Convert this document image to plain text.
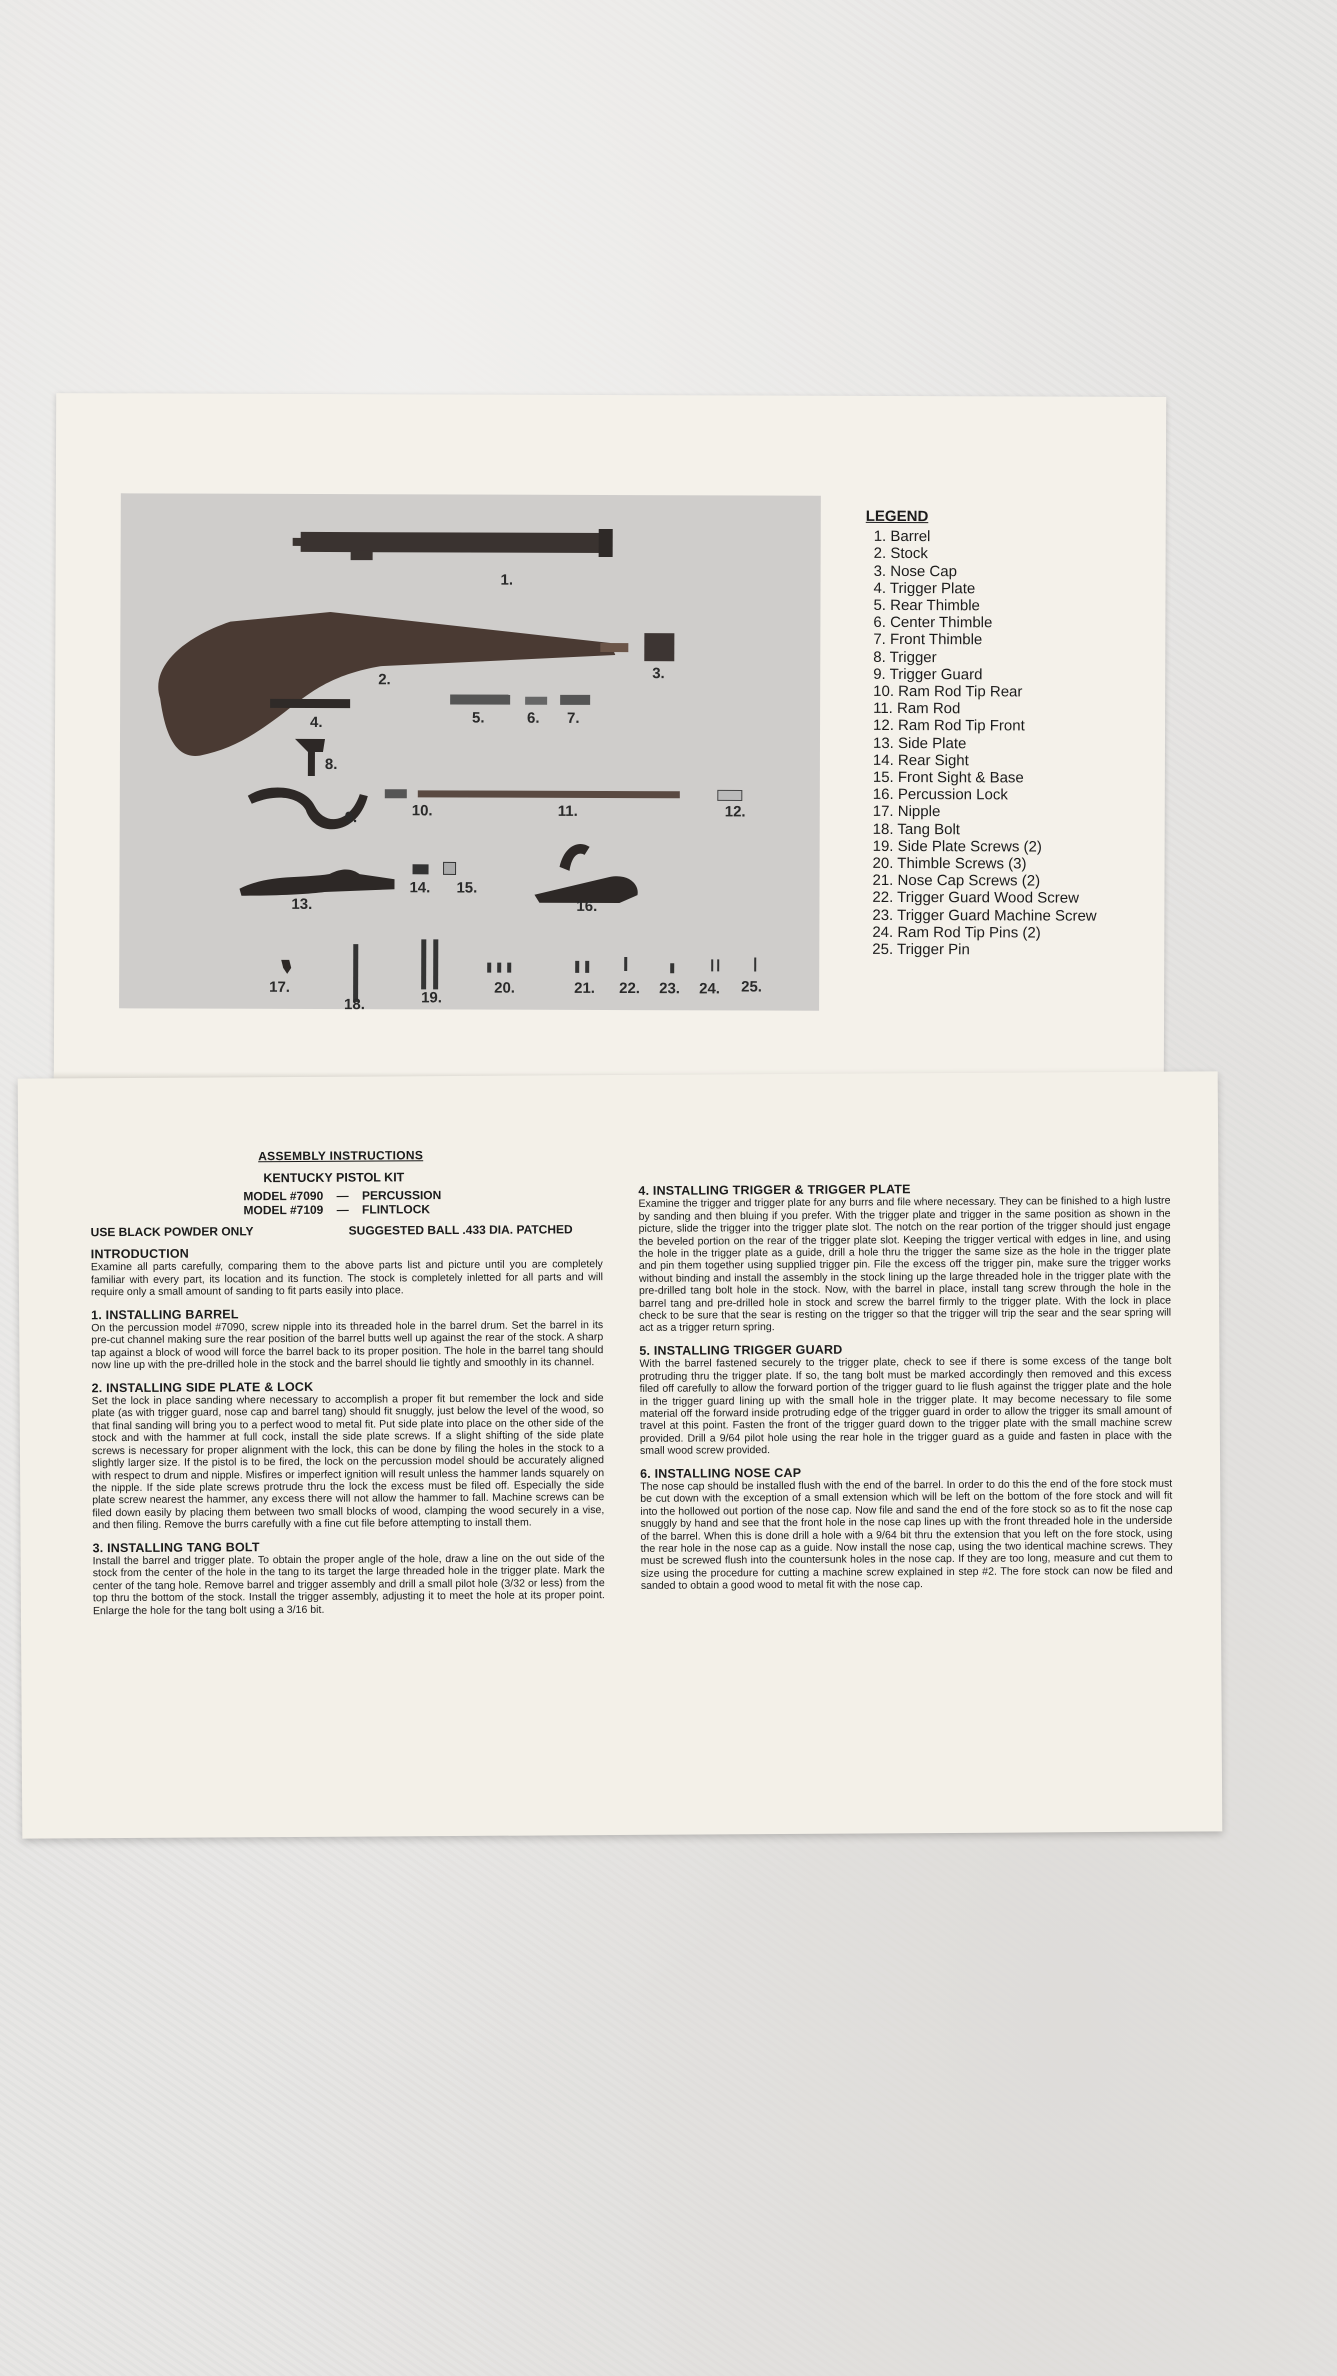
1.
2.	3.
4.	5.	6. 7.
8.
9.	10.	11.	12.
13.
14. 15.
16.
17.
18.	19.
20.	21. 22. 23. 24. 25.
LEGEND
1. Barrel
2. Stock
3. Nose Cap
4. Trigger Plate
5. Rear Thimble
6. Center Thimble
7. Front Thimble
8. Trigger
9. Trigger Guard
10. Ram Rod Tip Rear
11. Ram Rod
12. Ram Rod Tip Front
13. Side Plate
14. Rear Sight
15. Front Sight & Base
16. Percussion Lock
17. Nipple
18. Tang Bolt
19. Side Plate Screws (2)
20. Thimble Screws (3)
21. Nose Cap Screws (2)
22. Trigger Guard Wood Screw
23. Trigger Guard Machine Screw
24. Ram Rod Tip Pins (2)
25. Trigger Pin
ASSEMBLY INSTRUCTIONS
KENTUCKY PISTOL KIT
MODEL #7090 — PERCUSSION
MODEL #7109 — FLINTLOCK
USE BLACK POWDER ONLY	SUGGESTED BALL .433 DIA. PATCHED
INTRODUCTION

Examine all parts carefully, comparing them to the above parts list and picture until you are completely familiar with every part, its location and its function. The stock is completely inletted for all parts and will require only a small amount of sanding to fit parts easily into place.

1. INSTALLING BARREL

On the percussion model #7090, screw nipple into its threaded hole in the barrel drum. Set the barrel in its pre-cut channel making sure the rear position of the barrel butts well up against the rear of the stock. A sharp tap against a block of wood will force the barrel back to its proper position. The hole in the barrel tang should now line up with the pre-drilled hole in the stock and the barrel should lie tightly and smoothly in its channel.

2. INSTALLING SIDE PLATE & LOCK

Set the lock in place sanding where necessary to accomplish a proper fit but remember the lock and side plate (as with trigger guard, nose cap and barrel tang) should fit snuggly, just below the level of the wood, so that final sanding will bring you to a perfect wood to metal fit. Put side plate into place on the other side of the stock and with the hammer at full cock, install the side plate screws. If a slight shifting of the side plate screws is necessary for proper alignment with the lock, this can be done by filing the holes in the stock to a slightly larger size. If the pistol is to be fired, the lock on the percussion model should be accurately aligned with respect to drum and nipple. Misfires or imperfect ignition will result unless the hammer lands squarely on the nipple. If the side plate screws protrude thru the lock the excess must be filed off. Especially the side plate screw nearest the hammer, any excess there will not allow the hammer to fall. Machine screws can be filed down easily by placing them between two small blocks of wood, clamping the wood securely in a vise, and then filing. Remove the burrs carefully with a fine cut file before attempting to install them.

3. INSTALLING TANG BOLT

Install the barrel and trigger plate. To obtain the proper angle of the hole, draw a line on the out side of the stock from the center of the hole in the tang to its target the large threaded hole in the trigger plate. Mark the center of the tang hole. Remove barrel and trigger assembly and drill a small pilot hole (3/32 or less) from the top thru the bottom of the stock. Install the trigger assembly, adjusting it to meet the hole at its proper point. Enlarge the hole for the tang bolt using a 3/16 bit.

4. INSTALLING TRIGGER & TRIGGER PLATE

Examine the trigger and trigger plate for any burrs and file where necessary. They can be finished to a high lustre by sanding and then bluing if you prefer. With the trigger plate and trigger in the same position as shown in the picture, slide the trigger into the trigger plate slot. The notch on the rear portion of the trigger should just engage the beveled portion on the rear of the trigger plate slot. Keeping the trigger vertical with edges in line, and using the hole in the trigger plate as a guide, drill a hole thru the trigger the same size as the hole in the trigger plate and pin them together using supplied trigger pin. File the excess off the trigger pin, make sure the trigger works without binding and install the assembly in the stock lining up the large threaded hole in the trigger plate with the pre-drilled tang bolt hole in the stock. Now, with the barrel in place, install tang screw through the hole in the barrel tang and pre-drilled hole in stock and screw the barrel firmly to the trigger plate. With the lock in place check to be sure that the sear is resting on the trigger so that the trigger will trip the sear and the sear spring will act as a trigger return spring.

5. INSTALLING TRIGGER GUARD

With the barrel fastened securely to the trigger plate, check to see if there is some excess of the tange bolt protruding thru the trigger plate. If so, the tang bolt must be marked accordingly then removed and this excess filed off carefully to allow the forward portion of the trigger guard to lie flush against the trigger plate and the hole in the trigger guard lining up with the small hole in the trigger plate. It may become necessary to file some material off the forward inside protruding edge of the trigger guard in order to allow the trigger its small amount of travel at this point. Fasten the front of the trigger guard down to the trigger plate with the small machine screw provided. Drill a 9/64 pilot hole using the rear hole in the trigger guard as a guide and fasten in place with the small wood screw provided.

6. INSTALLING NOSE CAP

The nose cap should be installed flush with the end of the barrel. In order to do this the end of the fore stock must be cut down with the exception of a small extension which will be left on the bottom of the fore stock and will fit into the hollowed out portion of the nose cap. Now file and sand the end of the fore stock so as to fit the nose cap snuggly by hand and see that the front hole in the nose cap lines up with the front threaded hole in the underside of the barrel. When this is done drill a hole with a 9/64 bit thru the extension that you left on the fore stock, using the rear hole in the nose cap as a guide. Now install the nose cap, using the two identical machine screws. They must be screwed flush into the countersunk holes in the nose cap. If they are too long, measure and cut them to size using the procedure for cutting a machine screw explained in step #2. The fore stock can now be filed and sanded to obtain a good wood to metal fit with the nose cap.
